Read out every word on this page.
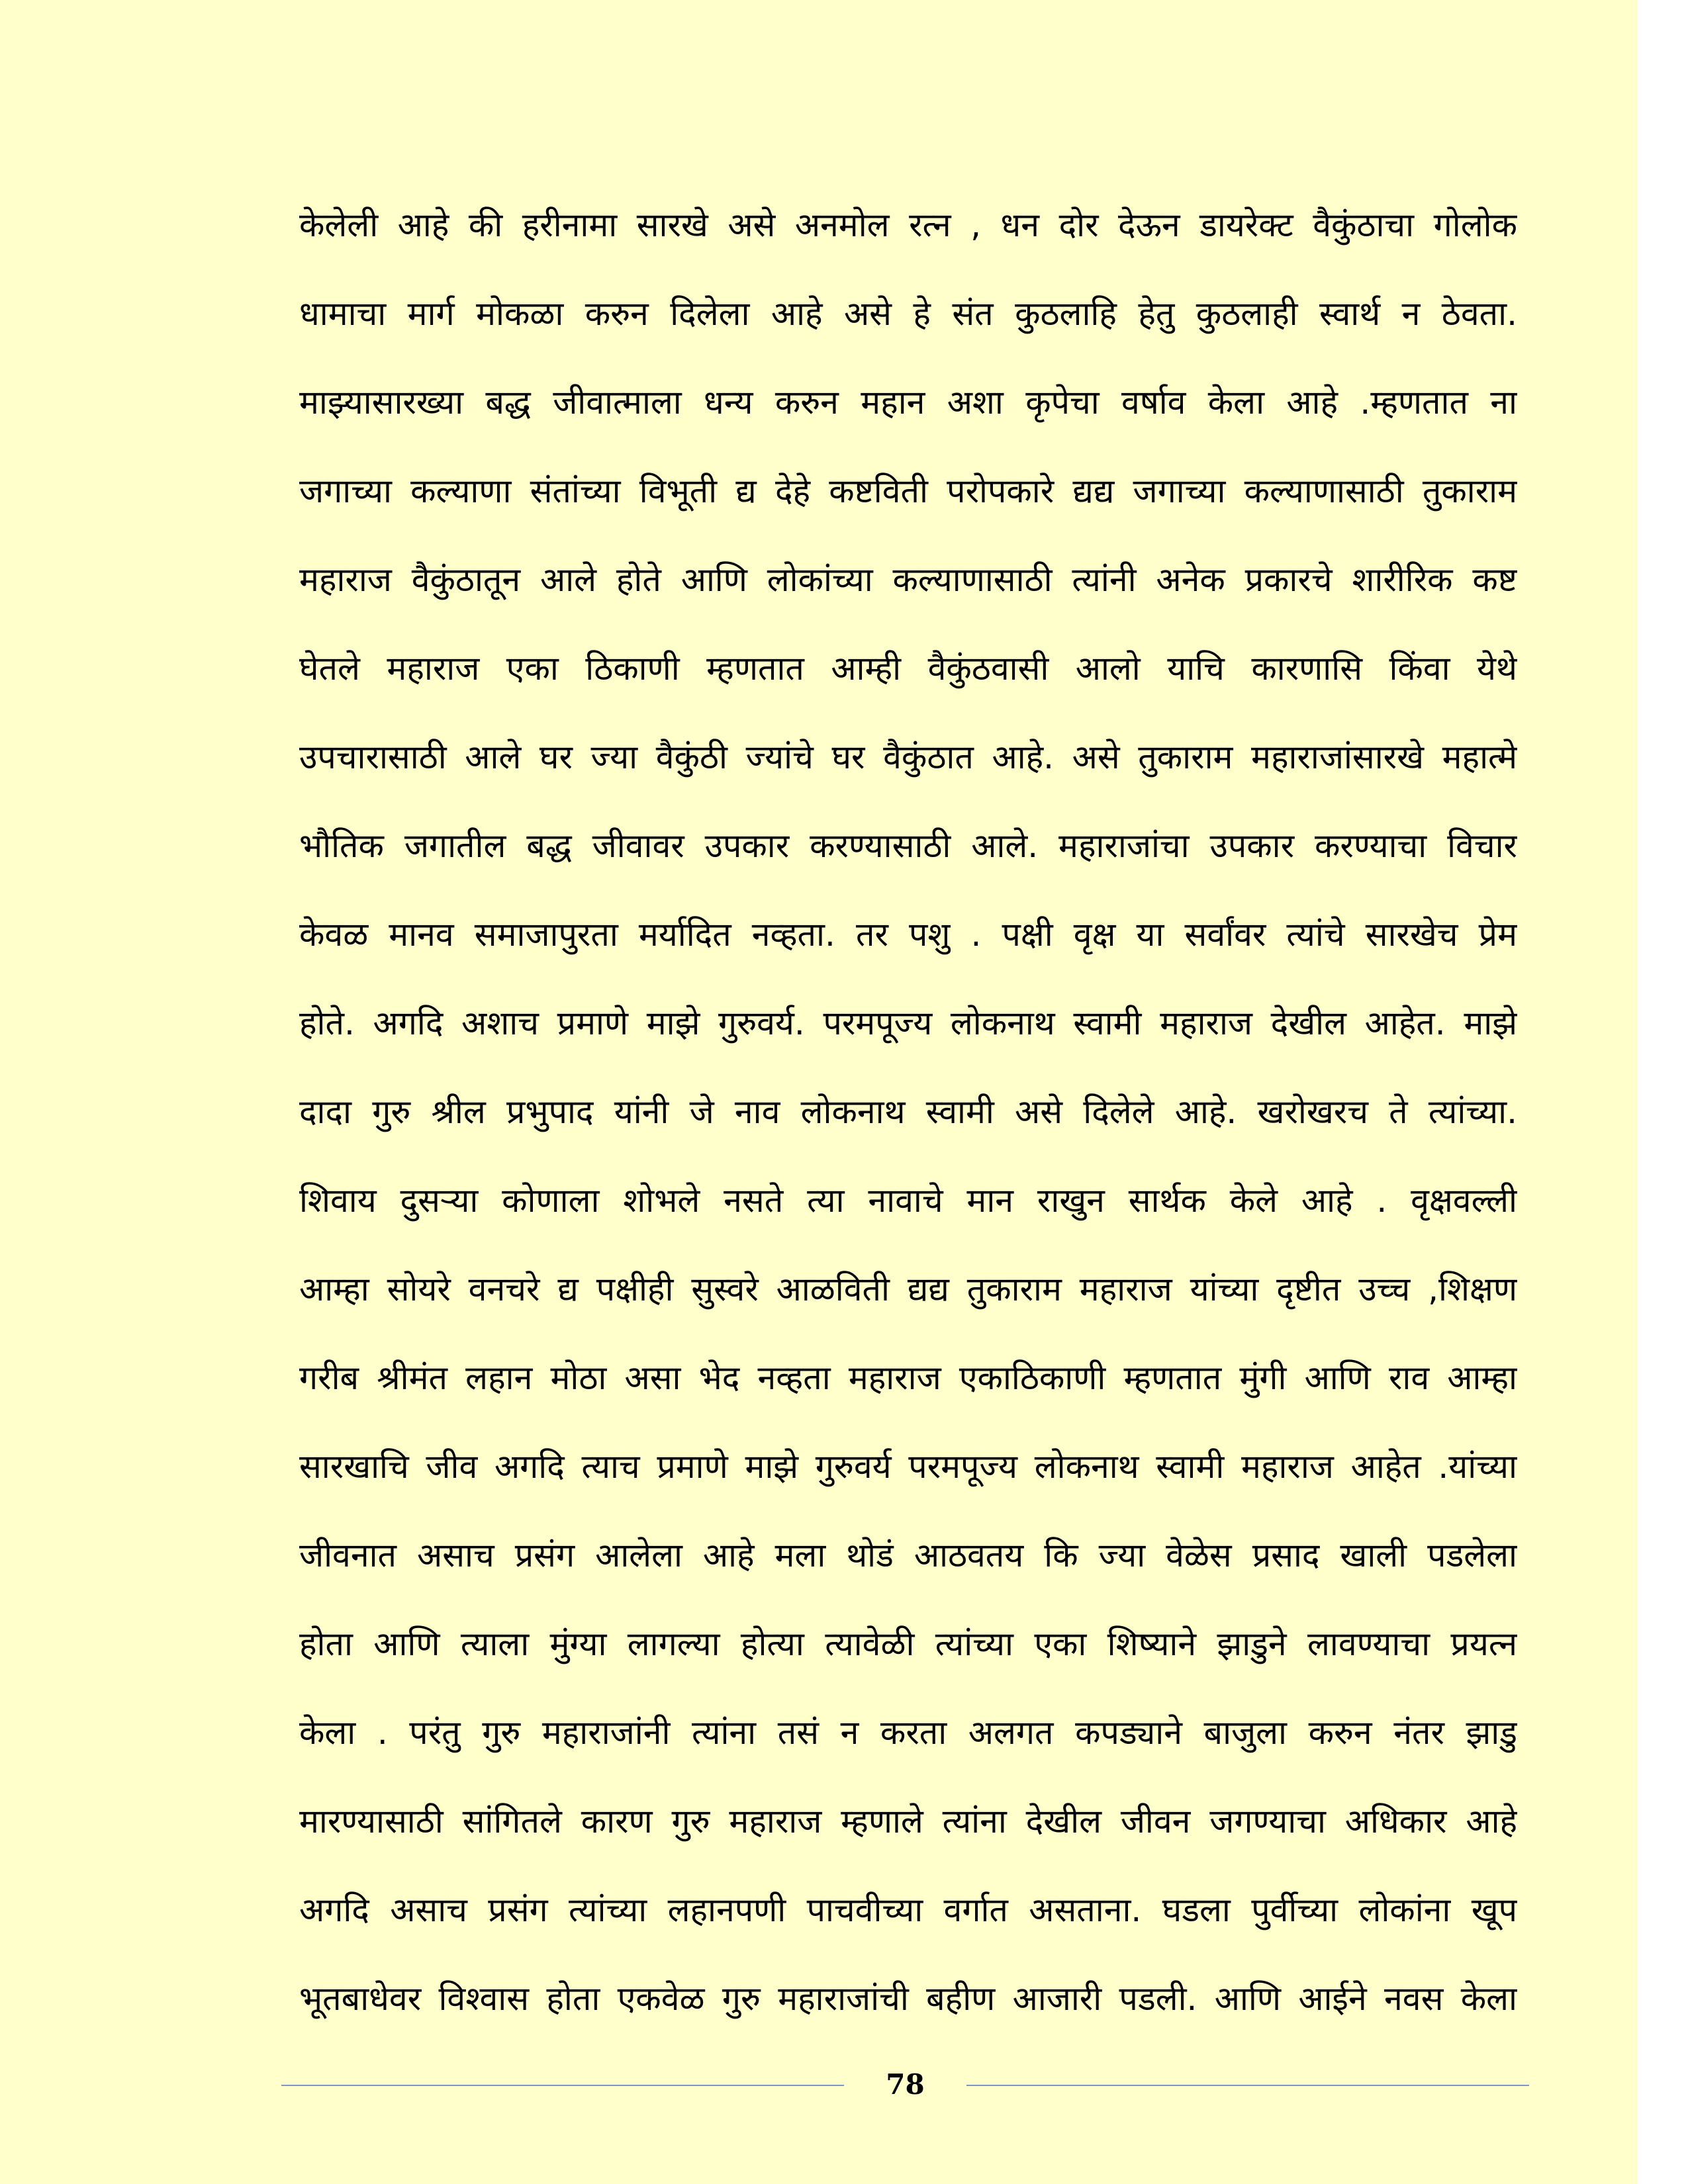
केलेली आहे की हरीनामा सारखे असे अनमोल रत्न , धन दोर देऊन डायरेक्ट वैकुंठाचा गोलोक
धामाचा मार्ग मोकळा करुन दिलेला आहे असे हे संत कुठलाहि हेतु कुठलाही स्वार्थ न ठेवता.
माझ्यासारख्या बद्ध जीवात्माला धन्य करुन महान अशा कृपेचा वर्षाव केला आहे .म्हणतात ना
जगाच्या कल्याणा संतांच्या विभूती द्य देहे कष्टविती परोपकारे द्यद्य जगाच्या कल्याणासाठी तुकाराम
महाराज वैकुंठातून आले होते आणि लोकांच्या कल्याणासाठी त्यांनी अनेक प्रकारचे शारीरिक कष्ट
घेतले महाराज एका ठिकाणी म्हणतात आम्ही वैकुंठवासी आलो याचि कारणासि किंवा येथे
उपचारासाठी आले घर ज्या वैकुंठी ज्यांचे घर वैकुंठात आहे. असे तुकाराम महाराजांसारखे महात्मे
भौतिक जगातील बद्ध जीवावर उपकार करण्यासाठी आले. महाराजांचा उपकार करण्याचा विचार
केवळ मानव समाजापुरता मर्यादित नव्हता. तर पशु . पक्षी वृक्ष या सर्वांवर त्यांचे सारखेच प्रेम
होते. अगदि अशाच प्रमाणे माझे गुरुवर्य. परमपूज्य लोकनाथ स्वामी महाराज देखील आहेत. माझे
दादा गुरु श्रील प्रभुपाद यांनी जे नाव लोकनाथ स्वामी असे दिलेले आहे. खरोखरच ते त्यांच्या.
शिवाय दुसऱ्या कोणाला शोभले नसते त्या नावाचे मान राखुन सार्थक केले आहे . वृक्षवल्ली
आम्हा सोयरे वनचरे द्य पक्षीही सुस्वरे आळविती द्यद्य तुकाराम महाराज यांच्या दृष्टीत उच्च ,शिक्षण
गरीब श्रीमंत लहान मोठा असा भेद नव्हता महाराज एकाठिकाणी म्हणतात मुंगी आणि राव आम्हा
सारखाचि जीव अगदि त्याच प्रमाणे माझे गुरुवर्य परमपूज्य लोकनाथ स्वामी महाराज आहेत .यांच्या
जीवनात असाच प्रसंग आलेला आहे मला थोडं आठवतय कि ज्या वेळेस प्रसाद खाली पडलेला
होता आणि त्याला मुंग्या लागल्या होत्या त्यावेळी त्यांच्या एका शिष्याने झाडुने लावण्याचा प्रयत्न
केला . परंतु गुरु महाराजांनी त्यांना तसं न करता अलगत कपड्याने बाजुला करुन नंतर झाडु
मारण्यासाठी सांगितले कारण गुरु महाराज म्हणाले त्यांना देखील जीवन जगण्याचा अधिकार आहे
अगदि असाच प्रसंग त्यांच्या लहानपणी पाचवीच्या वर्गात असताना. घडला पुर्वीच्या लोकांना खूप
भूतबाधेवर विश्वास होता एकवेळ गुरु महाराजांची बहीण आजारी पडली. आणि आईने नवस केला
78
